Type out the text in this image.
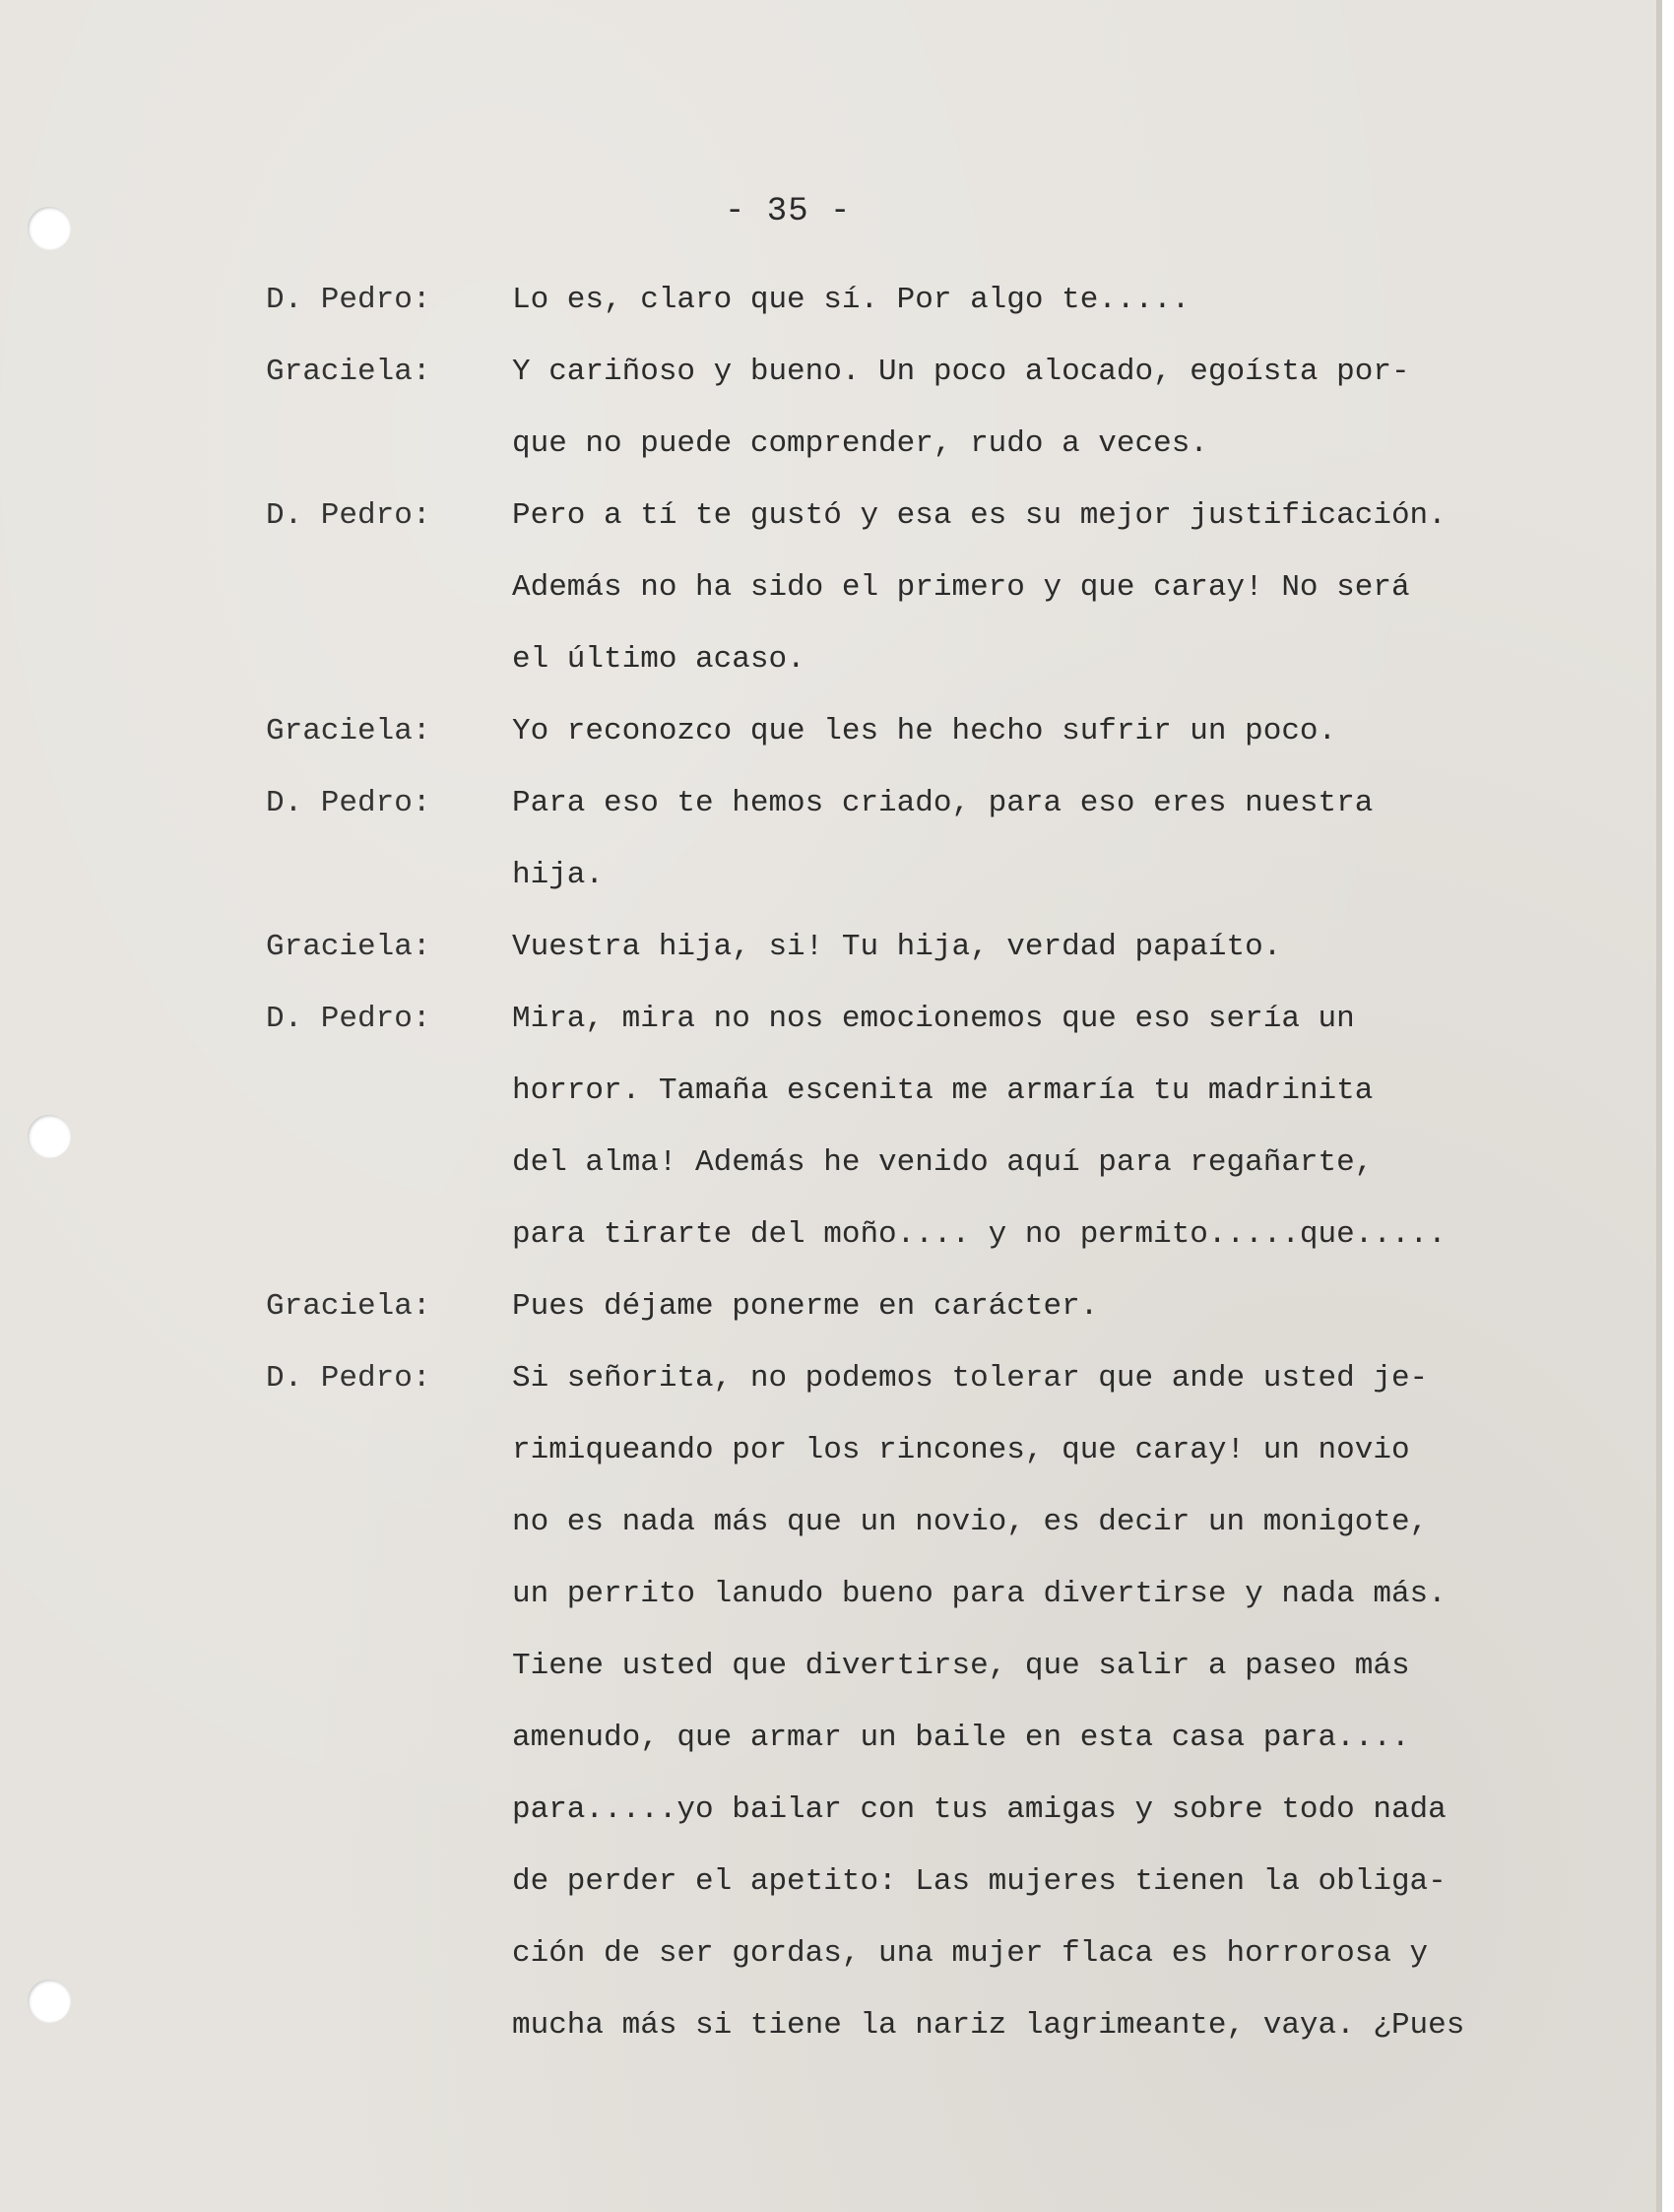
- 35 -
D. Pedro:	Lo es, claro que sí. Por algo te.....
Graciela:	Y cariñoso y bueno. Un poco alocado, egoísta por-
que no puede comprender, rudo a veces.
D. Pedro:	Pero a tí te gustó y esa es su mejor justificación.
Además no ha sido el primero y que caray! No será
el último acaso.
Graciela:	Yo reconozco que les he hecho sufrir un poco.
D. Pedro:	Para eso te hemos criado, para eso eres nuestra
hija.
Graciela:	Vuestra hija, si! Tu hija, verdad papaíto.
D. Pedro:	Mira, mira no nos emocionemos que eso sería un
horror. Tamaña escenita me armaría tu madrinita
del alma! Además he venido aquí para regañarte,
para tirarte del moño.... y no permito.....que.....
Graciela:	Pues déjame ponerme en carácter.
D. Pedro:	Si señorita, no podemos tolerar que ande usted je-
rimiqueando por los rincones, que caray! un novio
no es nada más que un novio, es decir un monigote,
un perrito lanudo bueno para divertirse y nada más.
Tiene usted que divertirse, que salir a paseo más
amenudo, que armar un baile en esta casa para....
para.....yo bailar con tus amigas y sobre todo nada
de perder el apetito: Las mujeres tienen la obliga-
ción de ser gordas, una mujer flaca es horrorosa y
mucha más si tiene la nariz lagrimeante, vaya. ¿Pues
